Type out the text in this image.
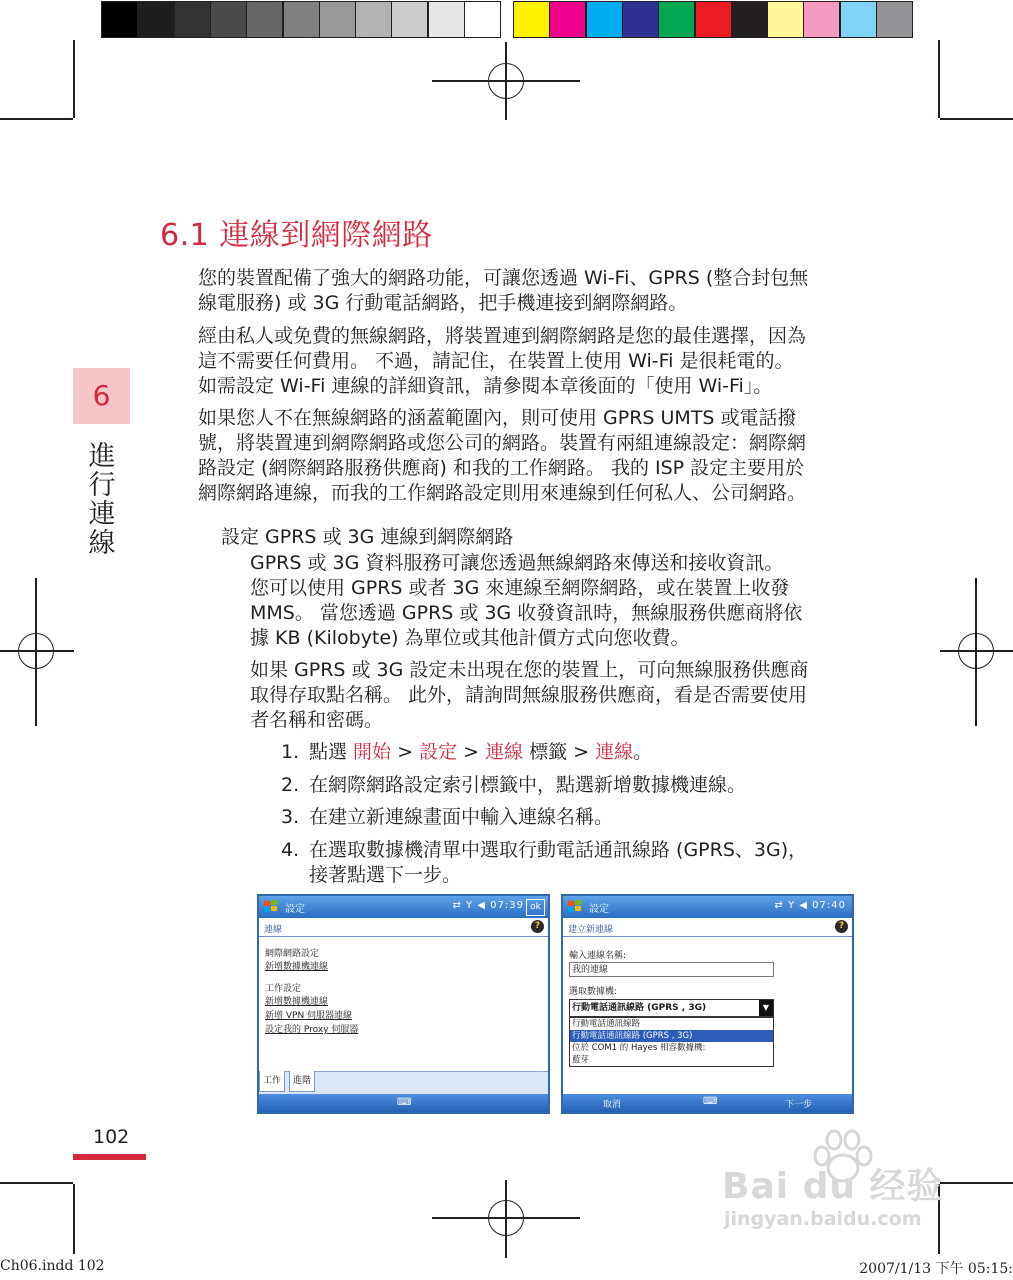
6
進
行
連
線
6.1 連線到網際網路
您的裝置配備了強大的網路功能，可讓您透過 Wi-Fi、GPRS (整合封包無
線電服務) 或 3G 行動電話網路，把手機連接到網際網路。
經由私人或免費的無線網路，將裝置連到網際網路是您的最佳選擇，因為
這不需要任何費用。 不過，請記住，在裝置上使用 Wi-Fi 是很耗電的。
如需設定 Wi-Fi 連線的詳細資訊，請參閱本章後面的「使用 Wi-Fi」。
如果您人不在無線網路的涵蓋範圍內，則可使用 GPRS UMTS 或電話撥
號，將裝置連到網際網路或您公司的網路。裝置有兩組連線設定：網際網
路設定 (網際網路服務供應商) 和我的工作網路。 我的 ISP 設定主要用於
網際網路連線，而我的工作網路設定則用來連線到任何私人、公司網路。
設定 GPRS 或 3G 連線到網際網路
GPRS 或 3G 資料服務可讓您透過無線網路來傳送和接收資訊。
您可以使用 GPRS 或者 3G 來連線至網際網路，或在裝置上收發
MMS。 當您透過 GPRS 或 3G 收發資訊時，無線服務供應商將依
據 KB (Kilobyte) 為單位或其他計價方式向您收費。
如果 GPRS 或 3G 設定未出現在您的裝置上，可向無線服務供應商
取得存取點名稱。 此外，請詢問無線服務供應商，看是否需要使用
者名稱和密碼。
1. 點選 開始 > 設定 > 連線 標籤 > 連線。
2. 在網際網路設定索引標籤中，點選新增數據機連線。
3. 在建立新連線畫面中輸入連線名稱。
4. 在選取數據機清單中選取行動電話通訊線路 (GPRS、3G)，
接著點選下一步。
設定	⇄ Y ◀ 07:39 ok
連線	?
網際網路設定
新增數據機連線
工作設定
新增數據機連線
新增 VPN 伺服器連線
設定我的 Proxy 伺服器
工作	進階
⌨
設定	⇄ Y ◀ 07:40
建立新連線	?
輸入連線名稱:
我的連線
選取數據機:
行動電話通訊線路 (GPRS , 3G)	▼
行動電話通訊線路
行動電話通訊線路 (GPRS , 3G)
位於 COM1 的 Hayes 相容數據機:
藍芽
取消	⌨	下一步
102
Bai du 经验
jingyan.baidu.com
Ch06.indd 102	2007/1/13 下午 05:15:
